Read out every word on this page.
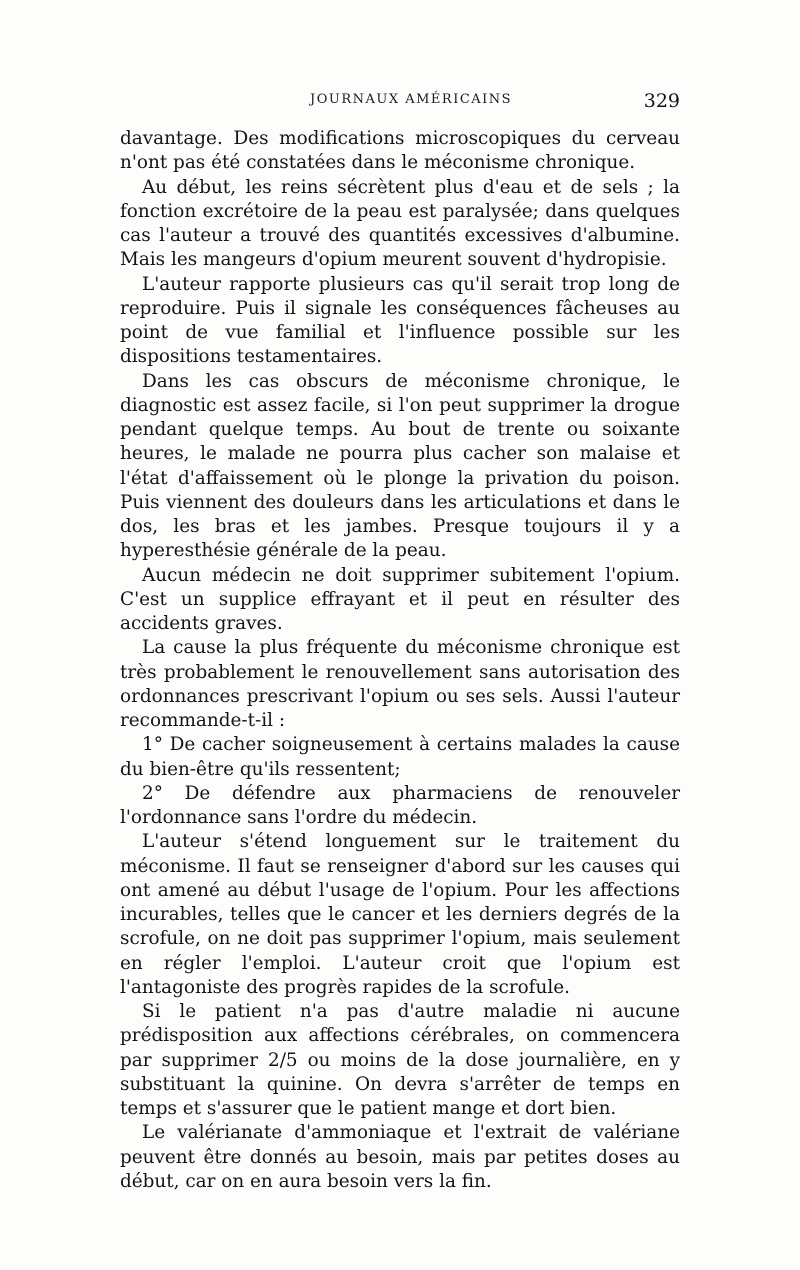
JOURNAUX AMÉRICAINS	329

davantage. Des modifications microscopiques du cerveau n'ont pas été constatées dans le méconisme chronique.

Au début, les reins sécrètent plus d'eau et de sels ; la fonction excrétoire de la peau est paralysée; dans quelques cas l'auteur a trouvé des quantités excessives d'albumine. Mais les mangeurs d'opium meurent souvent d'hydropisie.

L'auteur rapporte plusieurs cas qu'il serait trop long de reproduire. Puis il signale les conséquences fâcheuses au point de vue familial et l'influence possible sur les dispositions testamentaires.

Dans les cas obscurs de méconisme chronique, le diagnostic est assez facile, si l'on peut supprimer la drogue pendant quelque temps. Au bout de trente ou soixante heures, le malade ne pourra plus cacher son malaise et l'état d'affaissement où le plonge la privation du poison. Puis viennent des douleurs dans les articulations et dans le dos, les bras et les jambes. Presque toujours il y a hyperesthésie générale de la peau.

Aucun médecin ne doit supprimer subitement l'opium. C'est un supplice effrayant et il peut en résulter des accidents graves.

La cause la plus fréquente du méconisme chronique est très probablement le renouvellement sans autorisation des ordonnances prescrivant l'opium ou ses sels. Aussi l'auteur recommande-t-il :

1° De cacher soigneusement à certains malades la cause du bien-être qu'ils ressentent;

2° De défendre aux pharmaciens de renouveler l'ordonnance sans l'ordre du médecin.

L'auteur s'étend longuement sur le traitement du méconisme. Il faut se renseigner d'abord sur les causes qui ont amené au début l'usage de l'opium. Pour les affections incurables, telles que le cancer et les derniers degrés de la scrofule, on ne doit pas supprimer l'opium, mais seulement en régler l'emploi. L'auteur croit que l'opium est l'antagoniste des progrès rapides de la scrofule.

Si le patient n'a pas d'autre maladie ni aucune prédisposition aux affections cérébrales, on commencera par supprimer 2/5 ou moins de la dose journalière, en y substituant la quinine. On devra s'arrêter de temps en temps et s'assurer que le patient mange et dort bien.

Le valérianate d'ammoniaque et l'extrait de valériane peuvent être donnés au besoin, mais par petites doses au début, car on en aura besoin vers la fin.
